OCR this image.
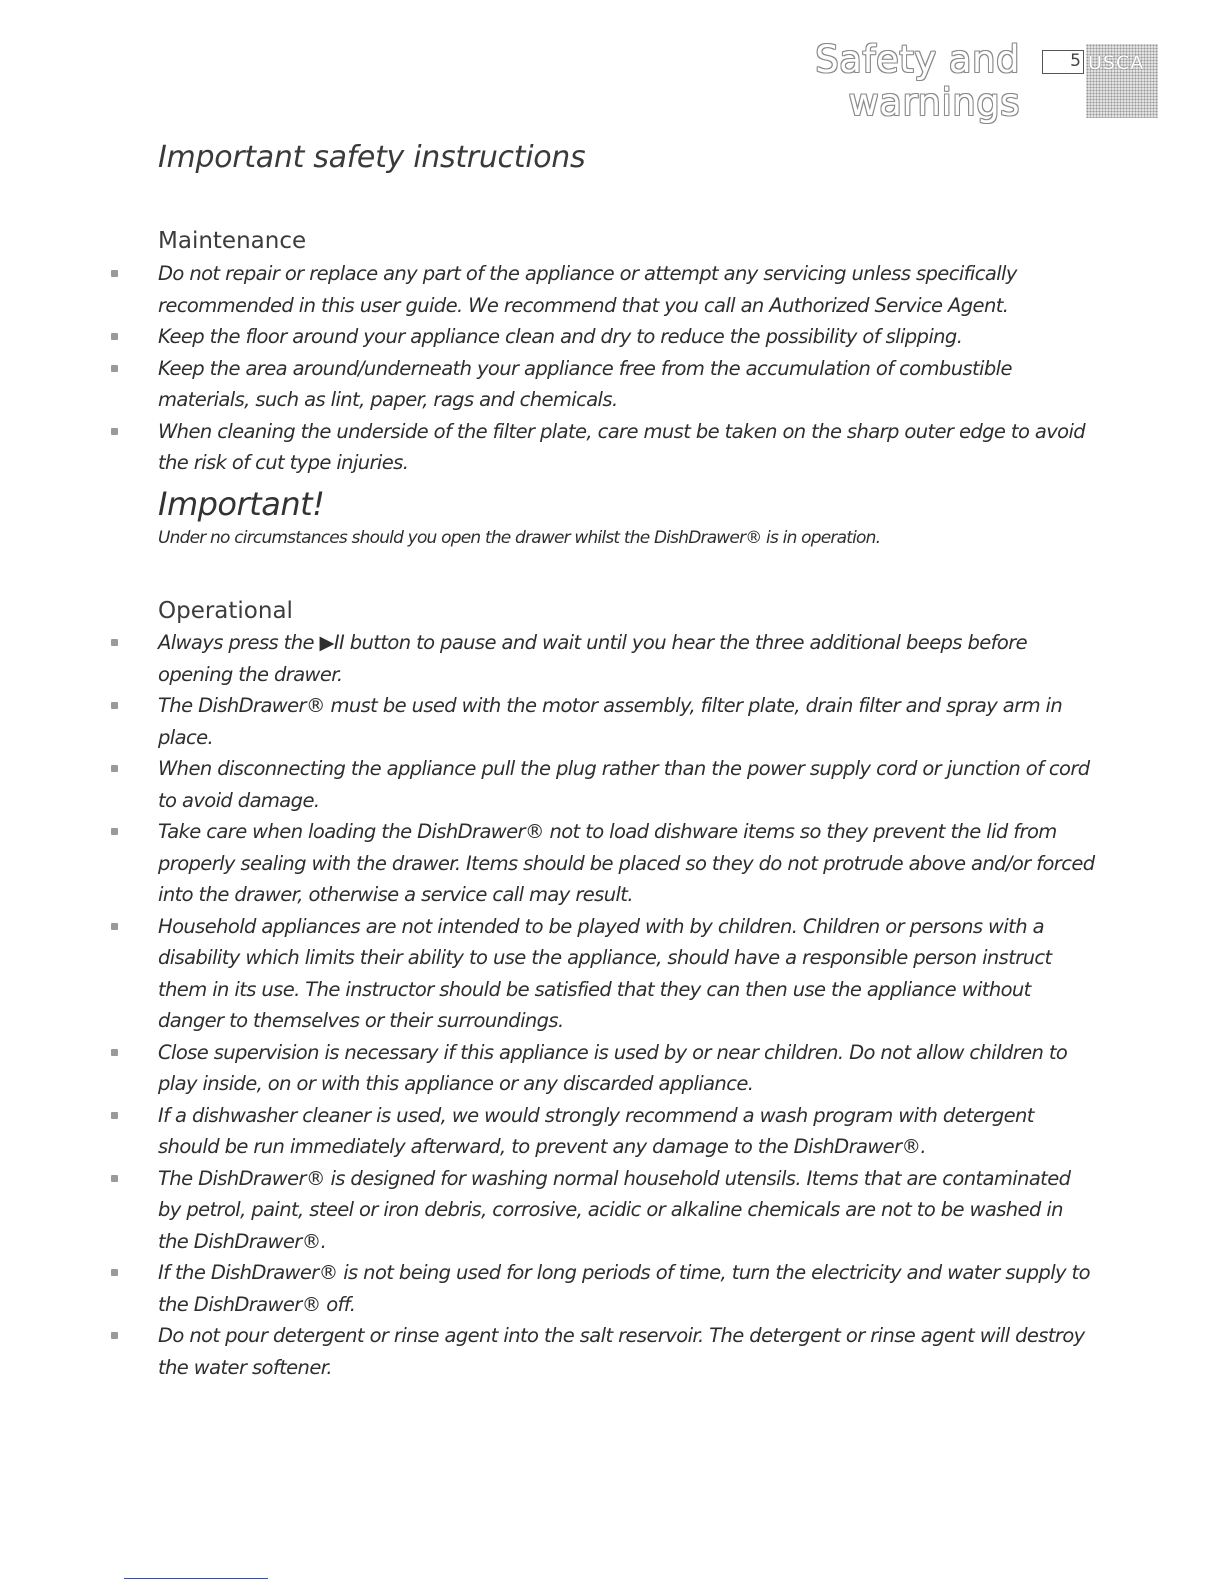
Safety and warnings
5 USCA
Important safety instructions
Maintenance
Do not repair or replace any part of the appliance or attempt any servicing unless specifically recommended in this user guide. We recommend that you call an Authorized Service Agent.
Keep the floor around your appliance clean and dry to reduce the possibility of slipping.
Keep the area around/underneath your appliance free from the accumulation of combustible materials, such as lint, paper, rags and chemicals.
When cleaning the underside of the filter plate, care must be taken on the sharp outer edge to avoid the risk of cut type injuries.
Important!
Under no circumstances should you open the drawer whilst the DishDrawer® is in operation.
Operational
Always press the ▶II button to pause and wait until you hear the three additional beeps before opening the drawer.
The DishDrawer® must be used with the motor assembly, filter plate, drain filter and spray arm in place.
When disconnecting the appliance pull the plug rather than the power supply cord or junction of cord to avoid damage.
Take care when loading the DishDrawer® not to load dishware items so they prevent the lid from properly sealing with the drawer. Items should be placed so they do not protrude above and/or forced into the drawer, otherwise a service call may result.
Household appliances are not intended to be played with by children. Children or persons with a disability which limits their ability to use the appliance, should have a responsible person instruct them in its use. The instructor should be satisfied that they can then use the appliance without danger to themselves or their surroundings.
Close supervision is necessary if this appliance is used by or near children. Do not allow children to play inside, on or with this appliance or any discarded appliance.
If a dishwasher cleaner is used, we would strongly recommend a wash program with detergent should be run immediately afterward, to prevent any damage to the DishDrawer®.
The DishDrawer® is designed for washing normal household utensils. Items that are contaminated by petrol, paint, steel or iron debris, corrosive, acidic or alkaline chemicals are not to be washed in the DishDrawer®.
If the DishDrawer® is not being used for long periods of time, turn the electricity and water supply to the DishDrawer® off.
Do not pour detergent or rinse agent into the salt reservoir. The detergent or rinse agent will destroy the water softener.
